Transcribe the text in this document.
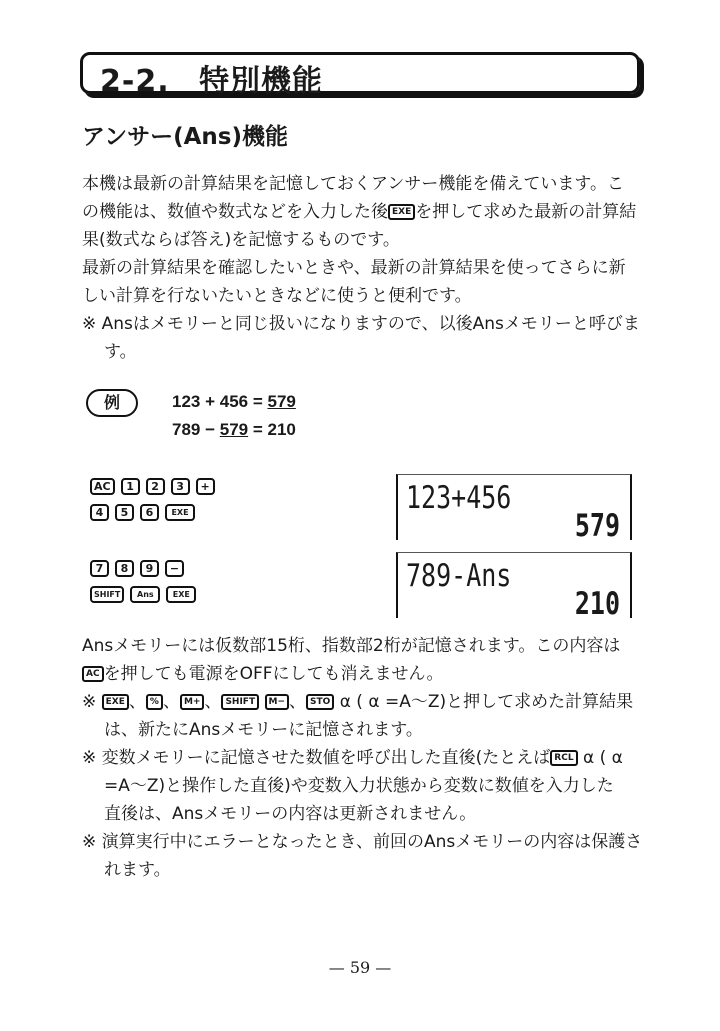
2-2. 特別機能
アンサー(Ans)機能
本機は最新の計算結果を記憶しておくアンサー機能を備えています。こ
の機能は、数値や数式などを入力した後 EXE を押して求めた最新の計算結
果(数式ならば答え)を記憶するものです。
最新の計算結果を確認したいときや、最新の計算結果を使ってさらに新
しい計算を行ないたいときなどに使うと便利です。
※ Ansはメモリーと同じ扱いになりますので、以後Ansメモリーと呼びま
す。
例	123 + 456 = 579
789 − 579 = 210
AC	1	2	3	+
4	5	6	EXE	123+456
579
7	8	9	−
SHIFT	Ans	EXE
789-Ans
210
Ansメモリーには仮数部15桁、指数部2桁が記憶されます。この内容は
AC を押しても電源をOFFにしても消えません。
※ EXE 、 % 、 M+ 、 SHIFT M− 、 STO α ( α =A〜Z)と押して求めた計算結果
は、新たにAnsメモリーに記憶されます。
※ 変数メモリーに記憶させた数値を呼び出した直後(たとえば RCL α ( α
=A〜Z)と操作した直後)や変数入力状態から変数に数値を入力した
直後は、Ansメモリーの内容は更新されません。
※ 演算実行中にエラーとなったとき、前回のAnsメモリーの内容は保護さ
れます。
— 59 —
